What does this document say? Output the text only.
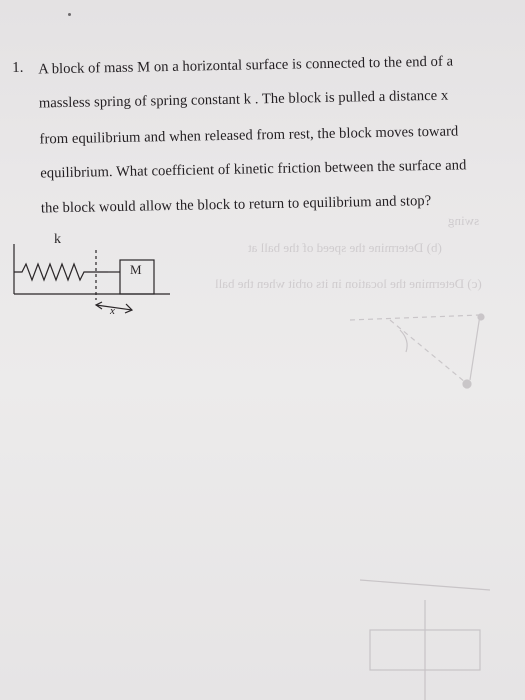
(b) Determine the speed of the ball at
(c) Determine the location in its orbit when the ball
swing
1. A block of mass M on a horizontal surface is connected to the end of a
massless spring of spring constant k . The block is pulled a distance x
from equilibrium and when released from rest, the block moves toward
equilibrium. What coefficient of kinetic friction between the surface and
the block would allow the block to return to equilibrium and stop?
k
M
x
